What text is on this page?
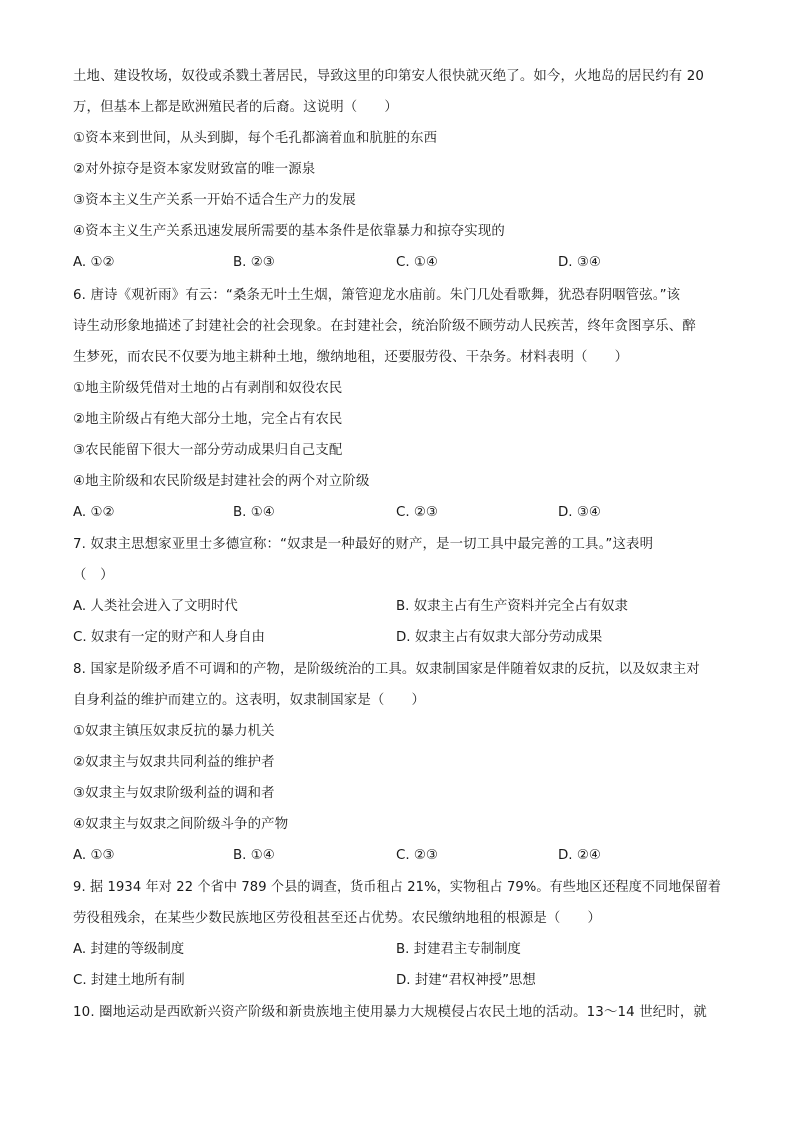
土地、建设牧场，奴役或杀戮土著居民，导致这里的印第安人很快就灭绝了。如今，火地岛的居民约有 20
万，但基本上都是欧洲殖民者的后裔。这说明（　　）
①资本来到世间，从头到脚，每个毛孔都滴着血和肮脏的东西
②对外掠夺是资本家发财致富的唯一源泉
③资本主义生产关系一开始不适合生产力的发展
④资本主义生产关系迅速发展所需要的基本条件是依靠暴力和掠夺实现的
A. ①②	B. ②③	C. ①④	D. ③④
6. 唐诗《观祈雨》有云：“桑条无叶土生烟，箫管迎龙水庙前。朱门几处看歌舞，犹恐春阴咽管弦。”该
诗生动形象地描述了封建社会的社会现象。在封建社会，统治阶级不顾劳动人民疾苦，终年贪图享乐、醉
生梦死，而农民不仅要为地主耕种土地，缴纳地租，还要服劳役、干杂务。材料表明（　　）
①地主阶级凭借对土地的占有剥削和奴役农民
②地主阶级占有绝大部分土地，完全占有农民
③农民能留下很大一部分劳动成果归自己支配
④地主阶级和农民阶级是封建社会的两个对立阶级
A. ①②	B. ①④	C. ②③	D. ③④
7. 奴隶主思想家亚里士多德宣称：“奴隶是一种最好的财产，是一切工具中最完善的工具。”这表明
（　）
A. 人类社会进入了文明时代	B. 奴隶主占有生产资料并完全占有奴隶
C. 奴隶有一定的财产和人身自由	D. 奴隶主占有奴隶大部分劳动成果
8. 国家是阶级矛盾不可调和的产物，是阶级统治的工具。奴隶制国家是伴随着奴隶的反抗，以及奴隶主对
自身利益的维护而建立的。这表明，奴隶制国家是（　　）
①奴隶主镇压奴隶反抗的暴力机关
②奴隶主与奴隶共同利益的维护者
③奴隶主与奴隶阶级利益的调和者
④奴隶主与奴隶之间阶级斗争的产物
A. ①③	B. ①④	C. ②③	D. ②④
9. 据 1934 年对 22 个省中 789 个县的调查，货币租占 21%，实物租占 79%。有些地区还程度不同地保留着
劳役租残余，在某些少数民族地区劳役租甚至还占优势。农民缴纳地租的根源是（　　）
A. 封建的等级制度	B. 封建君主专制制度
C. 封建土地所有制	D. 封建“君权神授”思想
10. 圈地运动是西欧新兴资产阶级和新贵族地主使用暴力大规模侵占农民土地的活动。13～14 世纪时，就
